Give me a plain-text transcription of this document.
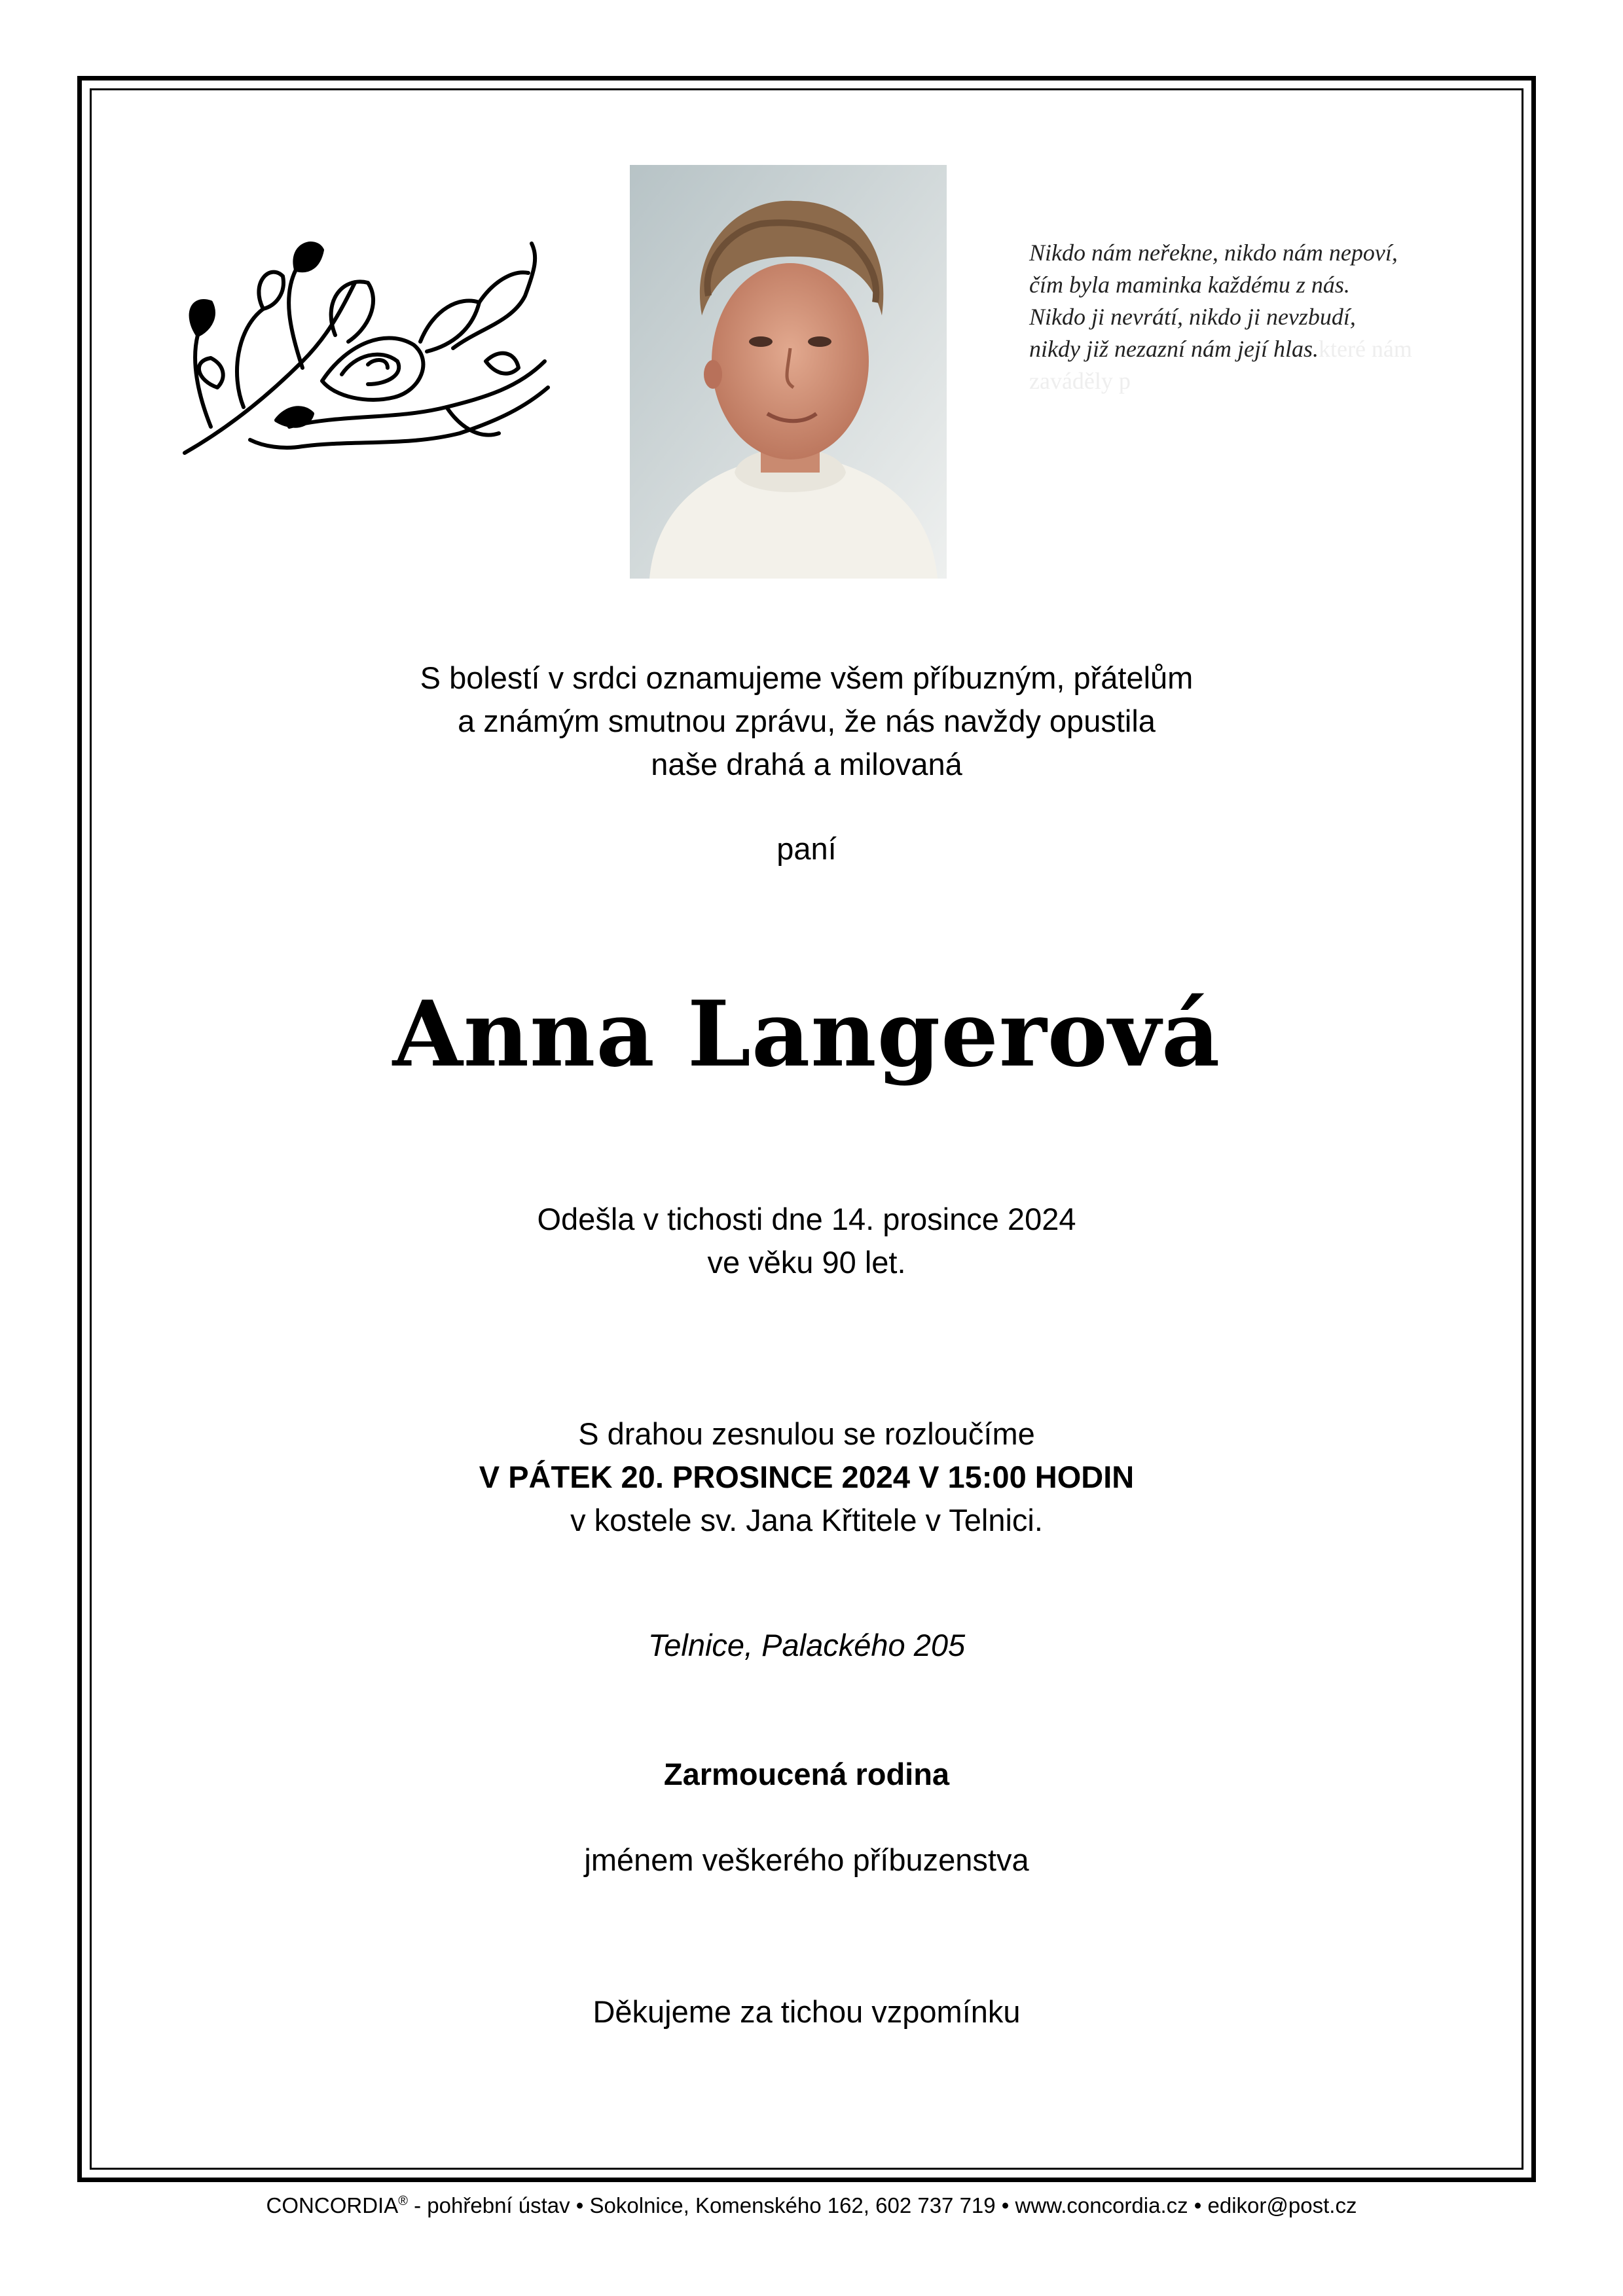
Nikdo nám neřekne, nikdo nám nepoví,
čím byla maminka každému z nás.
Nikdo ji nevrátí, nikdo ji nevzbudí,
nikdy již nezazní nám její hlas.které nám
zaváděly p
S bolestí v srdci oznamujeme všem příbuzným, přátelům
a známým smutnou zprávu, že nás navždy opustila
naše drahá a milovaná
paní
Anna Langerová
Odešla v tichosti dne 14. prosince 2024
ve věku 90 let.
S drahou zesnulou se rozloučíme
V PÁTEK 20. PROSINCE 2024 V 15:00 HODIN
v kostele sv. Jana Křtitele v Telnici.
Telnice, Palackého 205
Zarmoucená rodina
jménem veškerého příbuzenstva
Děkujeme za tichou vzpomínku
CONCORDIA® - pohřební ústav • Sokolnice, Komenského 162, 602 737 719 • www.concordia.cz • edikor@post.cz
